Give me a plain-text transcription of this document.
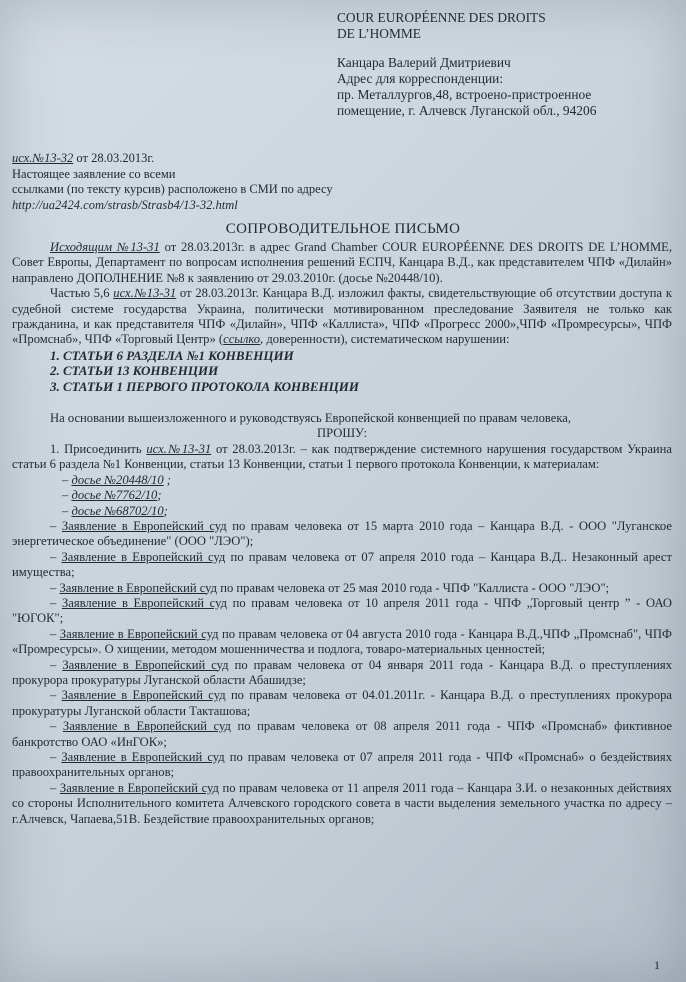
COUR EUROPÉENNE DES DROITS
DE L’HOMME
Канцара Валерий Дмитриевич
Адрес для корреспонденции:
пр. Металлургов,48, встроено-пристроенное
помещение, г. Алчевск Луганской обл., 94206
исх.№13-32 от 28.03.2013г.
Настоящее заявление со всеми
ссылками (по тексту курсив) расположено в СМИ по адресу
http://ua2424.com/strasb/Strasb4/13-32.html
СОПРОВОДИТЕЛЬНОЕ ПИСЬМО

Исходящим №13-31 от 28.03.2013г. в адрес Grand Chamber COUR EUROPÉENNE DES DROITS DE L’HOMME, Совет Европы, Департамент по вопросам исполнения решений ЕСПЧ, Канцара В.Д., как представителем ЧПФ «Дилайн» направлено ДОПОЛНЕНИЕ №8 к заявлению от 29.03.2010г. (досье №20448/10).

Частью 5,6 исх.№13-31 от 28.03.2013г. Канцара В.Д. изложил факты, свидетельствующие об отсутствии доступа к судебной системе государства Украина, политически мотивированном преследование Заявителя не только как гражданина, и как представителя ЧПФ «Дилайн», ЧПФ «Каллиста», ЧПФ «Прогресс 2000»,ЧПФ «Промресурсы», ЧПФ «Промснаб», ЧПФ «Торговый Центр» (ссылко, доверенности), систематическом нарушении:

1. СТАТЬИ 6 РАЗДЕЛА №1 КОНВЕНЦИИ
2. СТАТЬИ 13 КОНВЕНЦИИ
3. СТАТЬИ 1 ПЕРВОГО ПРОТОКОЛА КОНВЕНЦИИ

На основании вышеизложенного и руководствуясь Европейской конвенцией по правам человека,

ПРОШУ:

1. Присоединить исх.№13-31 от 28.03.2013г. – как подтверждение системного нарушения государством Украина статьи 6 раздела №1 Конвенции, статьи 13 Конвенции, статьи 1 первого протокола Конвенции, к материалам:

– досье №20448/10 ;
– досье №7762/10;
– досье №68702/10;

– Заявление в Европейский суд по правам человека от 15 марта 2010 года – Канцара В.Д. - ООО "Луганское энергетическое объединение" (ООО "ЛЭО");

– Заявление в Европейский суд по правам человека от 07 апреля 2010 года – Канцара В.Д.. Незаконный арест имущества;

– Заявление в Европейский суд по правам человека от 25 мая 2010 года - ЧПФ "Каллиста - ООО "ЛЭО";

– Заявление в Европейский суд по правам человека от 10 апреля 2011 года - ЧПФ „Торговый центр ” - ОАО "ЮГОК";

– Заявление в Европейский суд по правам человека от 04 августа 2010 года - Канцара В.Д.,ЧПФ „Промснаб", ЧПФ «Промресурсы». О хищении, методом мошенничества и подлога, товаро-материальных ценностей;

– Заявление в Европейский суд по правам человека от 04 января 2011 года - Канцара В.Д. о преступлениях прокурора прокуратуры Луганской области Абашидзе;

– Заявление в Европейский суд по правам человека от 04.01.2011г. - Канцара В.Д. о преступлениях прокурора прокуратуры Луганской области Такташова;

– Заявление в Европейский суд по правам человека от 08 апреля 2011 года - ЧПФ «Промснаб» фиктивное банкротство ОАО «ИнГОК»;

– Заявление в Европейский суд по правам человека от 07 апреля 2011 года - ЧПФ «Промснаб» о бездействиях правоохранительных органов;

– Заявление в Европейский суд по правам человека от 11 апреля 2011 года – Канцара З.И. о незаконных действиях со стороны Исполнительного комитета Алчевского городского совета в части выделения земельного участка по адресу – г.Алчевск, Чапаева,51В. Бездействие правоохранительных органов;

1
